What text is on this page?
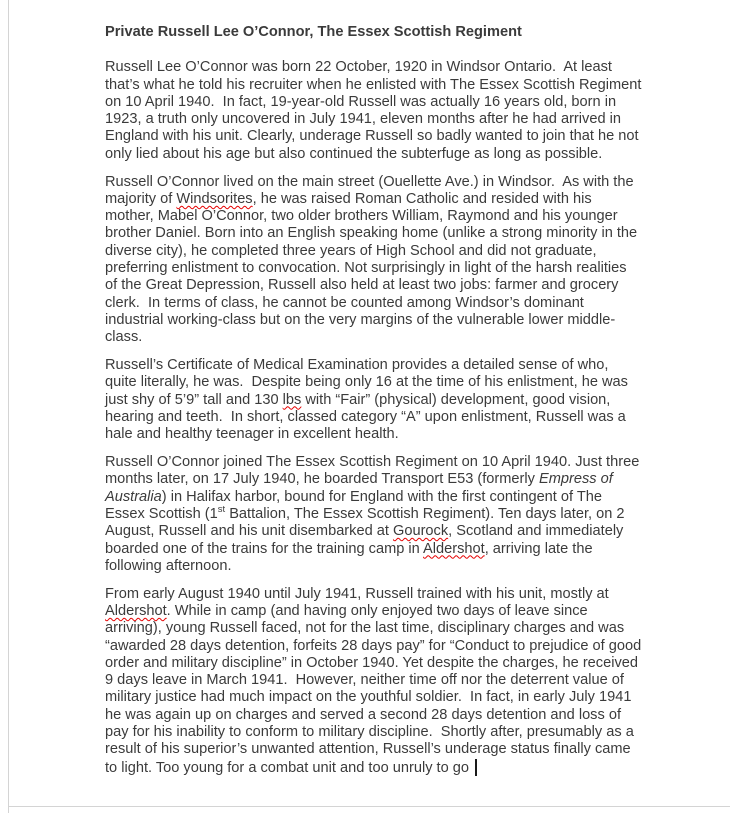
Private Russell Lee O’Connor, The Essex Scottish Regiment

Russell Lee O’Connor was born 22 October, 1920 in Windsor Ontario.  At least that’s what he told his recruiter when he enlisted with The Essex Scottish Regiment on 10 April 1940.  In fact, 19-year-old Russell was actually 16 years old, born in 1923, a truth only uncovered in July 1941, eleven months after he had arrived in England with his unit. Clearly, underage Russell so badly wanted to join that he not only lied about his age but also continued the subterfuge as long as possible.

Russell O’Connor lived on the main street (Ouellette Ave.) in Windsor.  As with the majority of Windsorites, he was raised Roman Catholic and resided with his mother, Mabel O’Connor, two older brothers William, Raymond and his younger brother Daniel. Born into an English speaking home (unlike a strong minority in the diverse city), he completed three years of High School and did not graduate, preferring enlistment to convocation. Not surprisingly in light of the harsh realities of the Great Depression, Russell also held at least two jobs: farmer and grocery clerk.  In terms of class, he cannot be counted among Windsor’s dominant industrial working-class but on the very margins of the vulnerable lower middle-class.

Russell’s Certificate of Medical Examination provides a detailed sense of who, quite literally, he was.  Despite being only 16 at the time of his enlistment, he was just shy of 5’9” tall and 130 lbs with “Fair” (physical) development, good vision, hearing and teeth.  In short, classed category “A” upon enlistment, Russell was a hale and healthy teenager in excellent health.

Russell O’Connor joined The Essex Scottish Regiment on 10 April 1940. Just three months later, on 17 July 1940, he boarded Transport E53 (formerly Empress of Australia) in Halifax harbor, bound for England with the first contingent of The Essex Scottish (1st Battalion, The Essex Scottish Regiment). Ten days later, on 2 August, Russell and his unit disembarked at Gourock, Scotland and immediately boarded one of the trains for the training camp in Aldershot, arriving late the following afternoon.

From early August 1940 until July 1941, Russell trained with his unit, mostly at Aldershot. While in camp (and having only enjoyed two days of leave since arriving), young Russell faced, not for the last time, disciplinary charges and was “awarded 28 days detention, forfeits 28 days pay” for “Conduct to prejudice of good order and military discipline” in October 1940. Yet despite the charges, he received 9 days leave in March 1941.  However, neither time off nor the deterrent value of military justice had much impact on the youthful soldier.  In fact, in early July 1941 he was again up on charges and served a second 28 days detention and loss of pay for his inability to conform to military discipline.  Shortly after, presumably as a result of his superior’s unwanted attention, Russell’s underage status finally came to light. Too young for a combat unit and too unruly to go
